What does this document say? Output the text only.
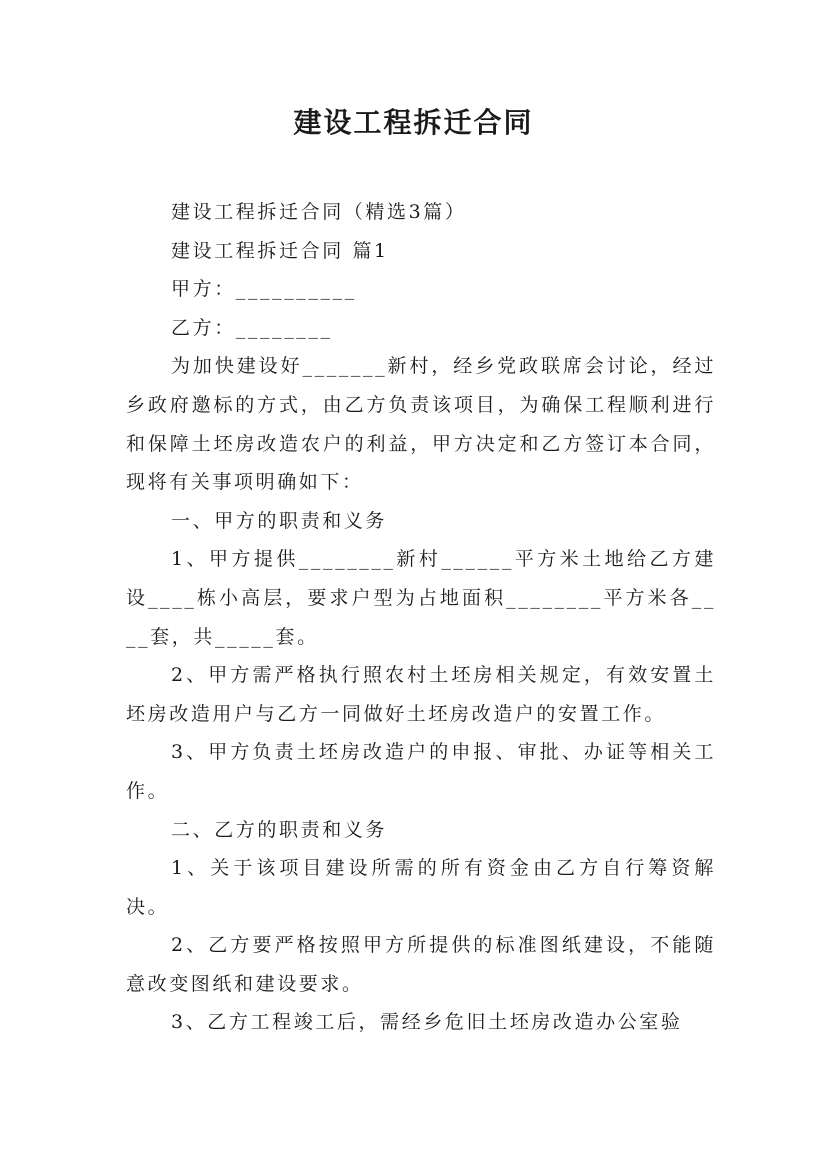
建设工程拆迁合同

建设工程拆迁合同（精选3篇）

建设工程拆迁合同 篇1

甲方：__________

乙方：________

为加快建设好_______新村，经乡党政联席会讨论，经过乡政府邀标的方式，由乙方负责该项目，为确保工程顺利进行和保障土坯房改造农户的利益，甲方决定和乙方签订本合同，现将有关事项明确如下：

一、甲方的职责和义务

1、甲方提供________新村______平方米土地给乙方建设____栋小高层，要求户型为占地面积________平方米各____套，共_____套。

2、甲方需严格执行照农村土坯房相关规定，有效安置土坯房改造用户与乙方一同做好土坯房改造户的安置工作。

3、甲方负责土坯房改造户的申报、审批、办证等相关工作。

二、乙方的职责和义务

1、关于该项目建设所需的所有资金由乙方自行筹资解决。

2、乙方要严格按照甲方所提供的标准图纸建设，不能随意改变图纸和建设要求。

3、乙方工程竣工后，需经乡危旧土坯房改造办公室验
